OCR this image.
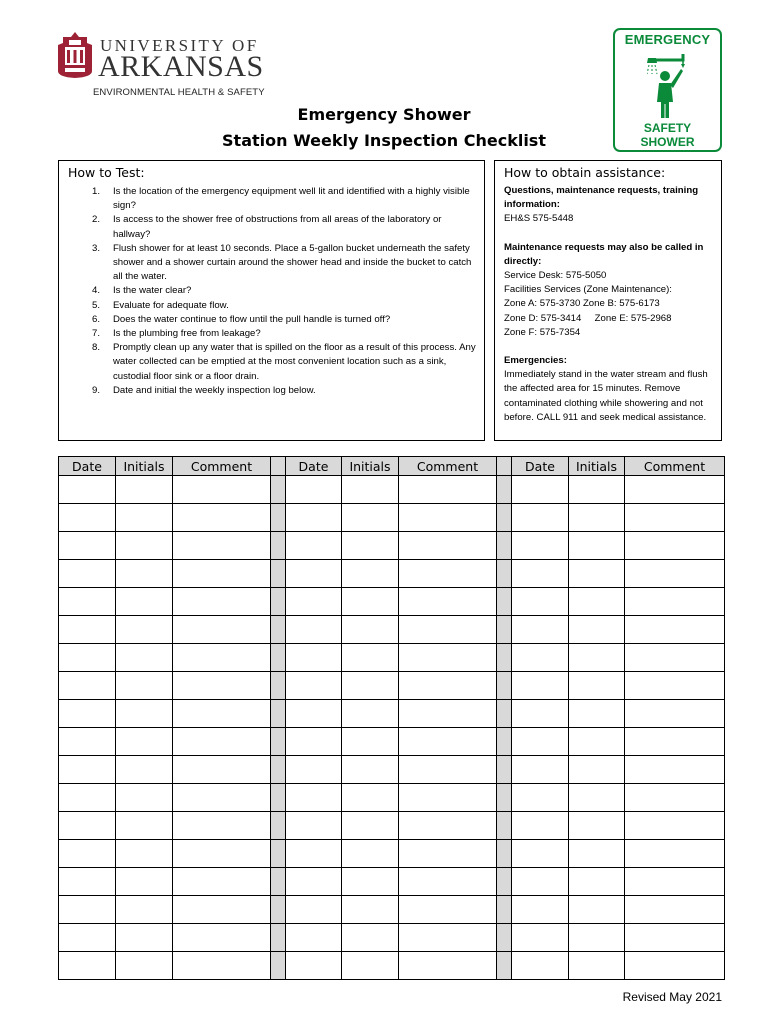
UNIVERSITY OF
ARKANSAS
ENVIRONMENTAL HEALTH & SAFETY
Emergency Shower
Station Weekly Inspection Checklist
EMERGENCY
SAFETY
SHOWER
How to Test:
1. Is the location of the emergency equipment well lit and identified with a highly visible sign?
2. Is access to the shower free of obstructions from all areas of the laboratory or hallway?
3. Flush shower for at least 10 seconds. Place a 5-gallon bucket underneath the safety shower and a shower curtain around the shower head and inside the bucket to catch all the water.
4. Is the water clear?
5. Evaluate for adequate flow.
6. Does the water continue to flow until the pull handle is turned off?
7. Is the plumbing free from leakage?
8. Promptly clean up any water that is spilled on the floor as a result of this process. Any water collected can be emptied at the most convenient location such as a sink, custodial floor sink or a floor drain.
9. Date and initial the weekly inspection log below.
How to obtain assistance:
Questions, maintenance requests, training information:
EH&S 575-5448
Maintenance requests may also be called in directly:
Service Desk: 575-5050
Facilities Services (Zone Maintenance):
Zone A: 575-3730 Zone B: 575-6173
Zone D: 575-3414     Zone E: 575-2968
Zone F: 575-7354
Emergencies:
Immediately stand in the water stream and flush the affected area for 15 minutes. Remove contaminated clothing while showering and not before. CALL 911 and seek medical assistance.
Date	Initials	Comment		Date	Initials	Comment		Date	Initials	Comment

Revised May 2021
